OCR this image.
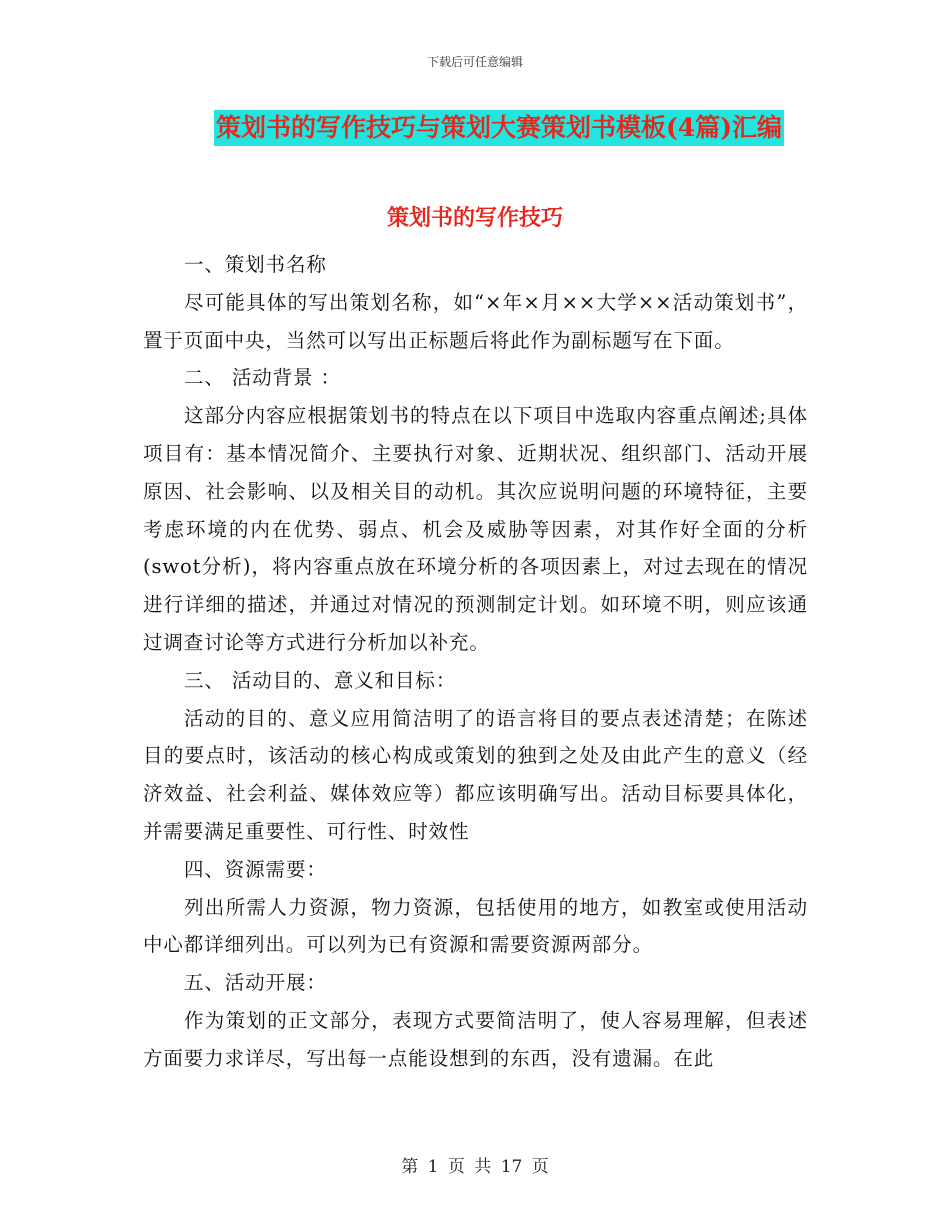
下载后可任意编辑
策划书的写作技巧与策划大赛策划书模板(4篇)汇编
策划书的写作技巧

一、策划书名称

尽可能具体的写出策划名称，如“×年×月××大学××活动策划书”，置于页面中央，当然可以写出正标题后将此作为副标题写在下面。

二、 活动背景 ：

这部分内容应根据策划书的特点在以下项目中选取内容重点阐述;具体项目有：基本情况简介、主要执行对象、近期状况、组织部门、活动开展原因、社会影响、以及相关目的动机。其次应说明问题的环境特征，主要考虑环境的内在优势、弱点、机会及威胁等因素，对其作好全面的分析(swot分析)，将内容重点放在环境分析的各项因素上，对过去现在的情况进行详细的描述，并通过对情况的预测制定计划。如环境不明，则应该通过调查讨论等方式进行分析加以补充。

三、 活动目的、意义和目标：

活动的目的、意义应用简洁明了的语言将目的要点表述清楚；在陈述目的要点时，该活动的核心构成或策划的独到之处及由此产生的意义（经济效益、社会利益、媒体效应等）都应该明确写出。活动目标要具体化，并需要满足重要性、可行性、时效性

四、资源需要：

列出所需人力资源，物力资源，包括使用的地方，如教室或使用活动中心都详细列出。可以列为已有资源和需要资源两部分。

五、活动开展：

作为策划的正文部分，表现方式要简洁明了，使人容易理解，但表述方面要力求详尽，写出每一点能设想到的东西，没有遗漏。在此

第 1 页 共 17 页
